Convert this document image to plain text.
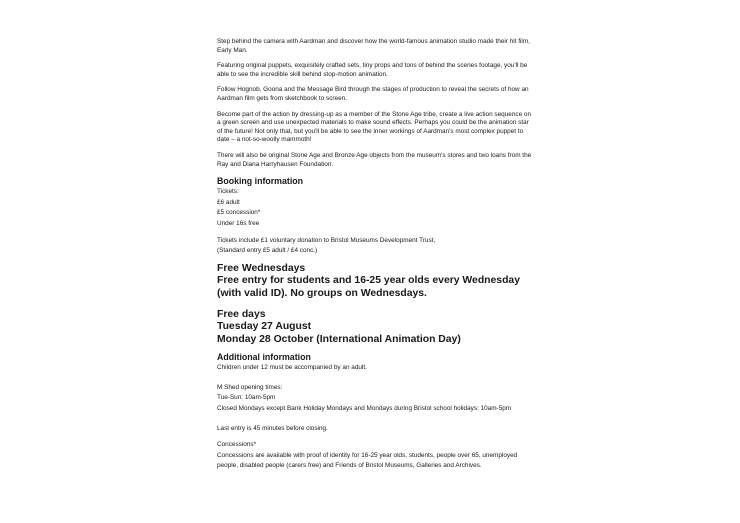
Step behind the camera with Aardman and discover how the world-famous animation studio made their hit film, Early Man.

Featuring original puppets, exquisitely crafted sets, tiny props and tons of behind the scenes footage, you'll be able to see the incredible skill behind stop-motion animation.

Follow Hognob, Goona and the Message Bird through the stages of production to reveal the secrets of how an Aardman film gets from sketchbook to screen.

Become part of the action by dressing-up as a member of the Stone Age tribe, create a live action sequence on a green screen and use unexpected materials to make sound effects. Perhaps you could be the animation star of the future! Not only that, but you'll be able to see the inner workings of Aardman's most complex puppet to date – a not-so-woolly mammoth!

There will also be original Stone Age and Bronze Age objects from the museum's stores and two loans from the Ray and Diana Harryhausen Foundation.

Booking information

Tickets:
£6 adult
£5 concession*
Under 16s free
Tickets include £1 voluntary donation to Bristol Museums Development Trust,
(Standard entry £5 adult / £4 conc.)

Free Wednesdays

Free entry for students and 16-25 year olds every Wednesday (with valid ID). No groups on Wednesdays.

Free days

Tuesday 27 August

Monday 28 October (International Animation Day)

Additional information

Children under 12 must be accompanied by an adult.
M Shed opening times:
Tue-Sun: 10am-5pm
Closed Mondays except Bank Holiday Mondays and Mondays during Bristol school holidays: 10am-5pm
Last entry is 45 minutes before closing.
Concessions*

Concessions are available with proof of identity for 16-25 year olds, students, people over 65, unemployed people, disabled people (carers free) and Friends of Bristol Museums, Galleries and Archives.
